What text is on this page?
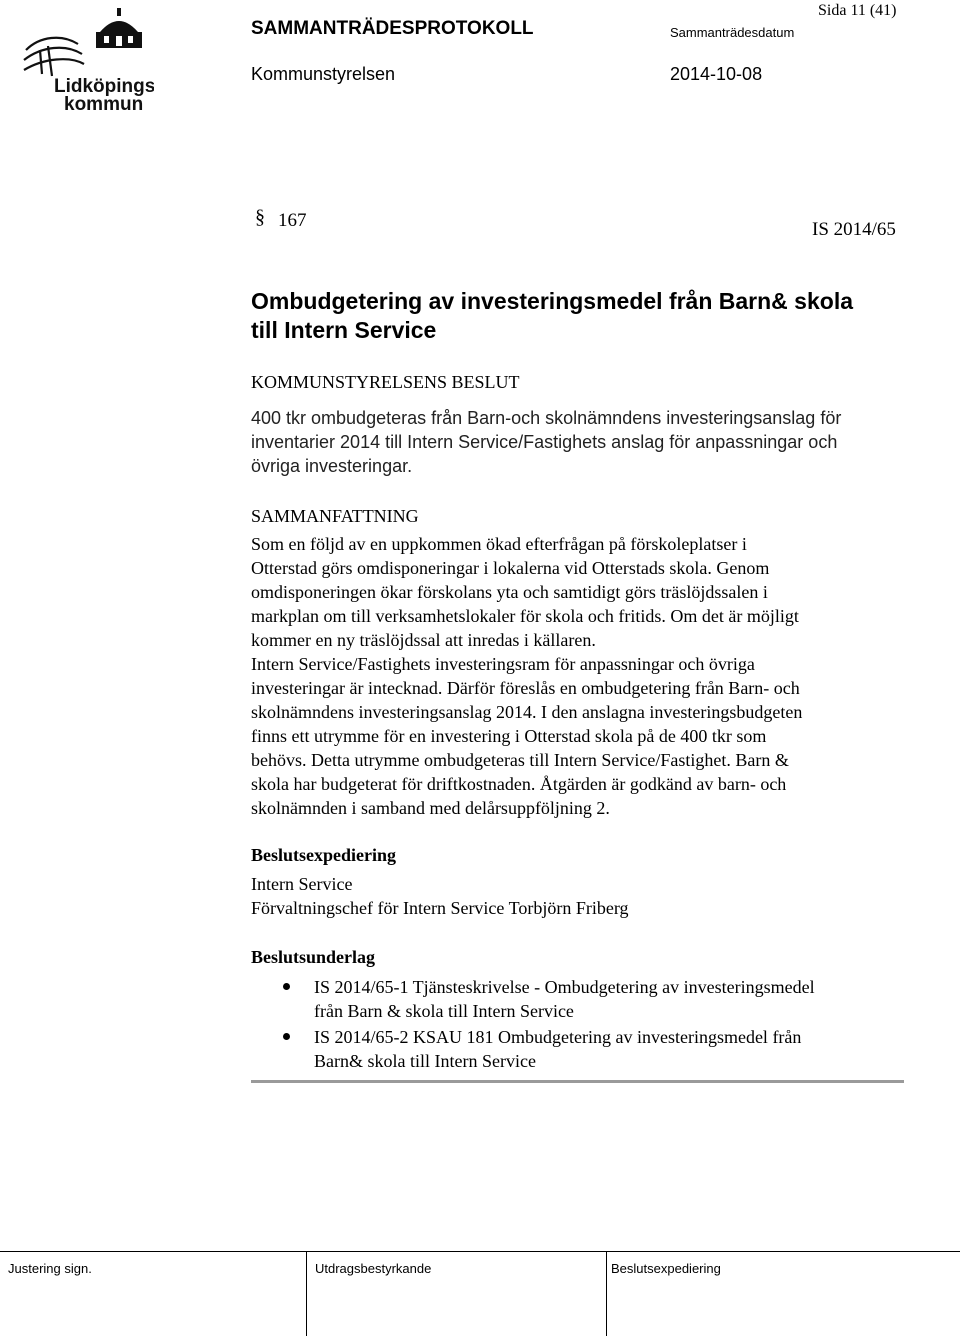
Lidköpings
kommun
SAMMANTRÄDESPROTOKOLL	Sammanträdesdatum
Sida 11 (41)
Kommunstyrelsen	2014-10-08
§ 167	IS 2014/65
Ombudgetering av investeringsmedel från Barn& skola
till Intern Service
KOMMUNSTYRELSENS BESLUT
400 tkr ombudgeteras från Barn-och skolnämndens investeringsanslag för
inventarier 2014 till Intern Service/Fastighets anslag för anpassningar och
övriga investeringar.
SAMMANFATTNING
Som en följd av en uppkommen ökad efterfrågan på förskoleplatser i
Otterstad görs omdisponeringar i lokalerna vid Otterstads skola. Genom
omdisponeringen ökar förskolans yta och samtidigt görs träslöjdssalen i
markplan om till verksamhetslokaler för skola och fritids. Om det är möjligt
kommer en ny träslöjdssal att inredas i källaren.
Intern Service/Fastighets investeringsram för anpassningar och övriga
investeringar är intecknad. Därför föreslås en ombudgetering från Barn- och
skolnämndens investeringsanslag 2014. I den anslagna investeringsbudgeten
finns ett utrymme för en investering i Otterstad skola på de 400 tkr som
behövs. Detta utrymme ombudgeteras till Intern Service/Fastighet. Barn &
skola har budgeterat för driftkostnaden. Åtgärden är godkänd av barn- och
skolnämnden i samband med delårsuppföljning 2.
Beslutsexpediering
Intern Service
Förvaltningschef för Intern Service Torbjörn Friberg
Beslutsunderlag
IS 2014/65-1 Tjänsteskrivelse - Ombudgetering av investeringsmedel
från Barn & skola till Intern Service
IS 2014/65-2 KSAU 181 Ombudgetering av investeringsmedel från
Barn& skola till Intern Service
Justering sign.	Utdragsbestyrkande	Beslutsexpediering
